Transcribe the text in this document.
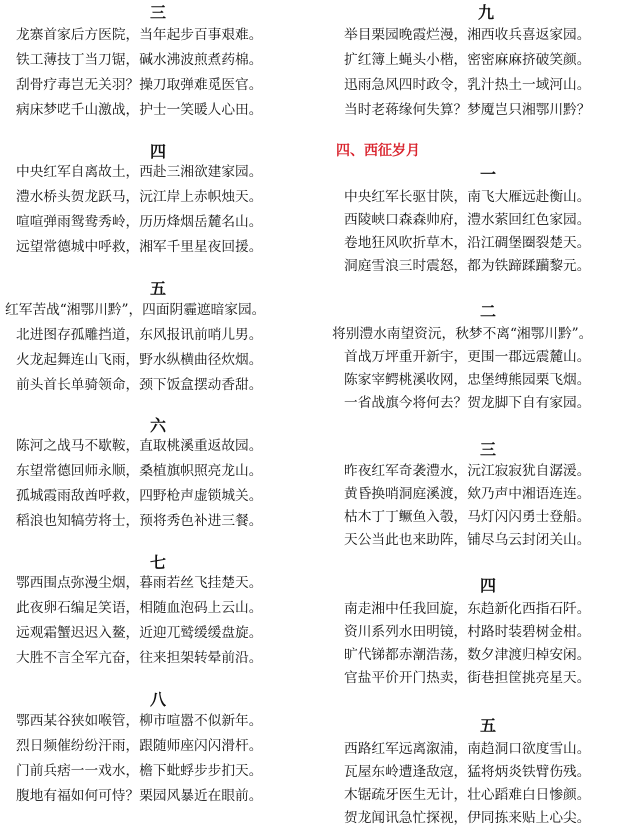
三
龙寨首家后方医院，当年起步百事艰难。
铁工薄技丁当刀锯，碱水沸波煎煮药棉。
刮骨疗毒岂无关羽？操刀取弹难觅医官。
病床梦呓千山激战，护士一笑暖人心田。
四
中央红军自离故土，西赴三湘欲建家园。
澧水桥头贺龙跃马，沅江岸上赤帜烛天。
喧喧弹雨鸳鸯秀岭，历历烽烟岳麓名山。
远望常德城中呼救，湘军千里星夜回援。
五
红军苦战“湘鄂川黔”，四面阴霾遮暗家园。
北进图存孤雕挡道，东风报讯前哨儿男。
火龙起舞连山飞雨，野水纵横曲径炊烟。
前头首长单骑领命，颈下饭盒摆动香甜。
六
陈河之战马不歇鞍，直取桃溪重返故园。
东望常德回师永顺，桑植旗帜照亮龙山。
孤城霞雨敌酋呼救，四野枪声虚锁城关。
稻浪也知犒劳将士，预将秀色补进三餐。
七
鄂西围点弥漫尘烟，暮雨若丝飞挂楚天。
此夜卵石编足笑语，相随血泡码上云山。
远观霜蟹迟迟入鳌，近迎兀鹫缓缓盘旋。
大胜不言全军亢奋，往来担架转晕前沿。
八
鄂西某谷狭如喉管，柳市喧嚣不似新年。
烈日频催纷纷汗雨，跟随师座闪闪滑杆。
门前兵痞一一戏水，檐下蚍蜉步步扪天。
腹地有福如何可恃？栗园风暴近在眼前。
九
举目栗园晚霞烂漫，湘西收兵喜返家园。
扩红簿上蝇头小楷，密密麻麻挤破笑颜。
迅雨急风四时政令，乳汁热土一域河山。
当时老蒋缘何失算？梦魇岂只湘鄂川黔？
四、西征岁月
一
中央红军长驱甘陕，南飞大雁远赴衡山。
西陵峡口森森帅府，澧水萦回红色家园。
卷地狂风吹折草木，沿江碉堡圈裂楚天。
洞庭雪浪三时震怒，都为铁蹄蹂躏黎元。
二
将别澧水南望资沅，秋梦不离“湘鄂川黔”。
首战万坪重开新宇，更围一郡远震麓山。
陈家宰鳄桃溪收网，忠堡缚熊园栗飞烟。
一省战旗今将何去？贺龙脚下自有家园。
三
昨夜红军奇袭澧水，沅江寂寂犹自潺湲。
黄昏换哨洞庭溪渡，欸乃声中湘语连连。
枯木丁丁鳜鱼入彀，马灯闪闪勇士登船。
天公当此也来助阵，铺尽乌云封闭关山。
四
南走湘中任我回旋，东趋新化西指石阡。
资川系列水田明镜，村路时装碧树金柑。
旷代锑都赤潮浩荡，数夕津渡归棹安闲。
官盐平价开门热卖，街巷担筐挑亮星天。
五
西路红军远离溆浦，南趋洞口欲度雪山。
瓦屋东岭遭逢敌寇，猛将炳炎铁臂伤残。
木锯疏牙医生无计，壮心蹈难白日惨颜。
贺龙闻讯急忙探视，伊同拣来贴上心尖。
